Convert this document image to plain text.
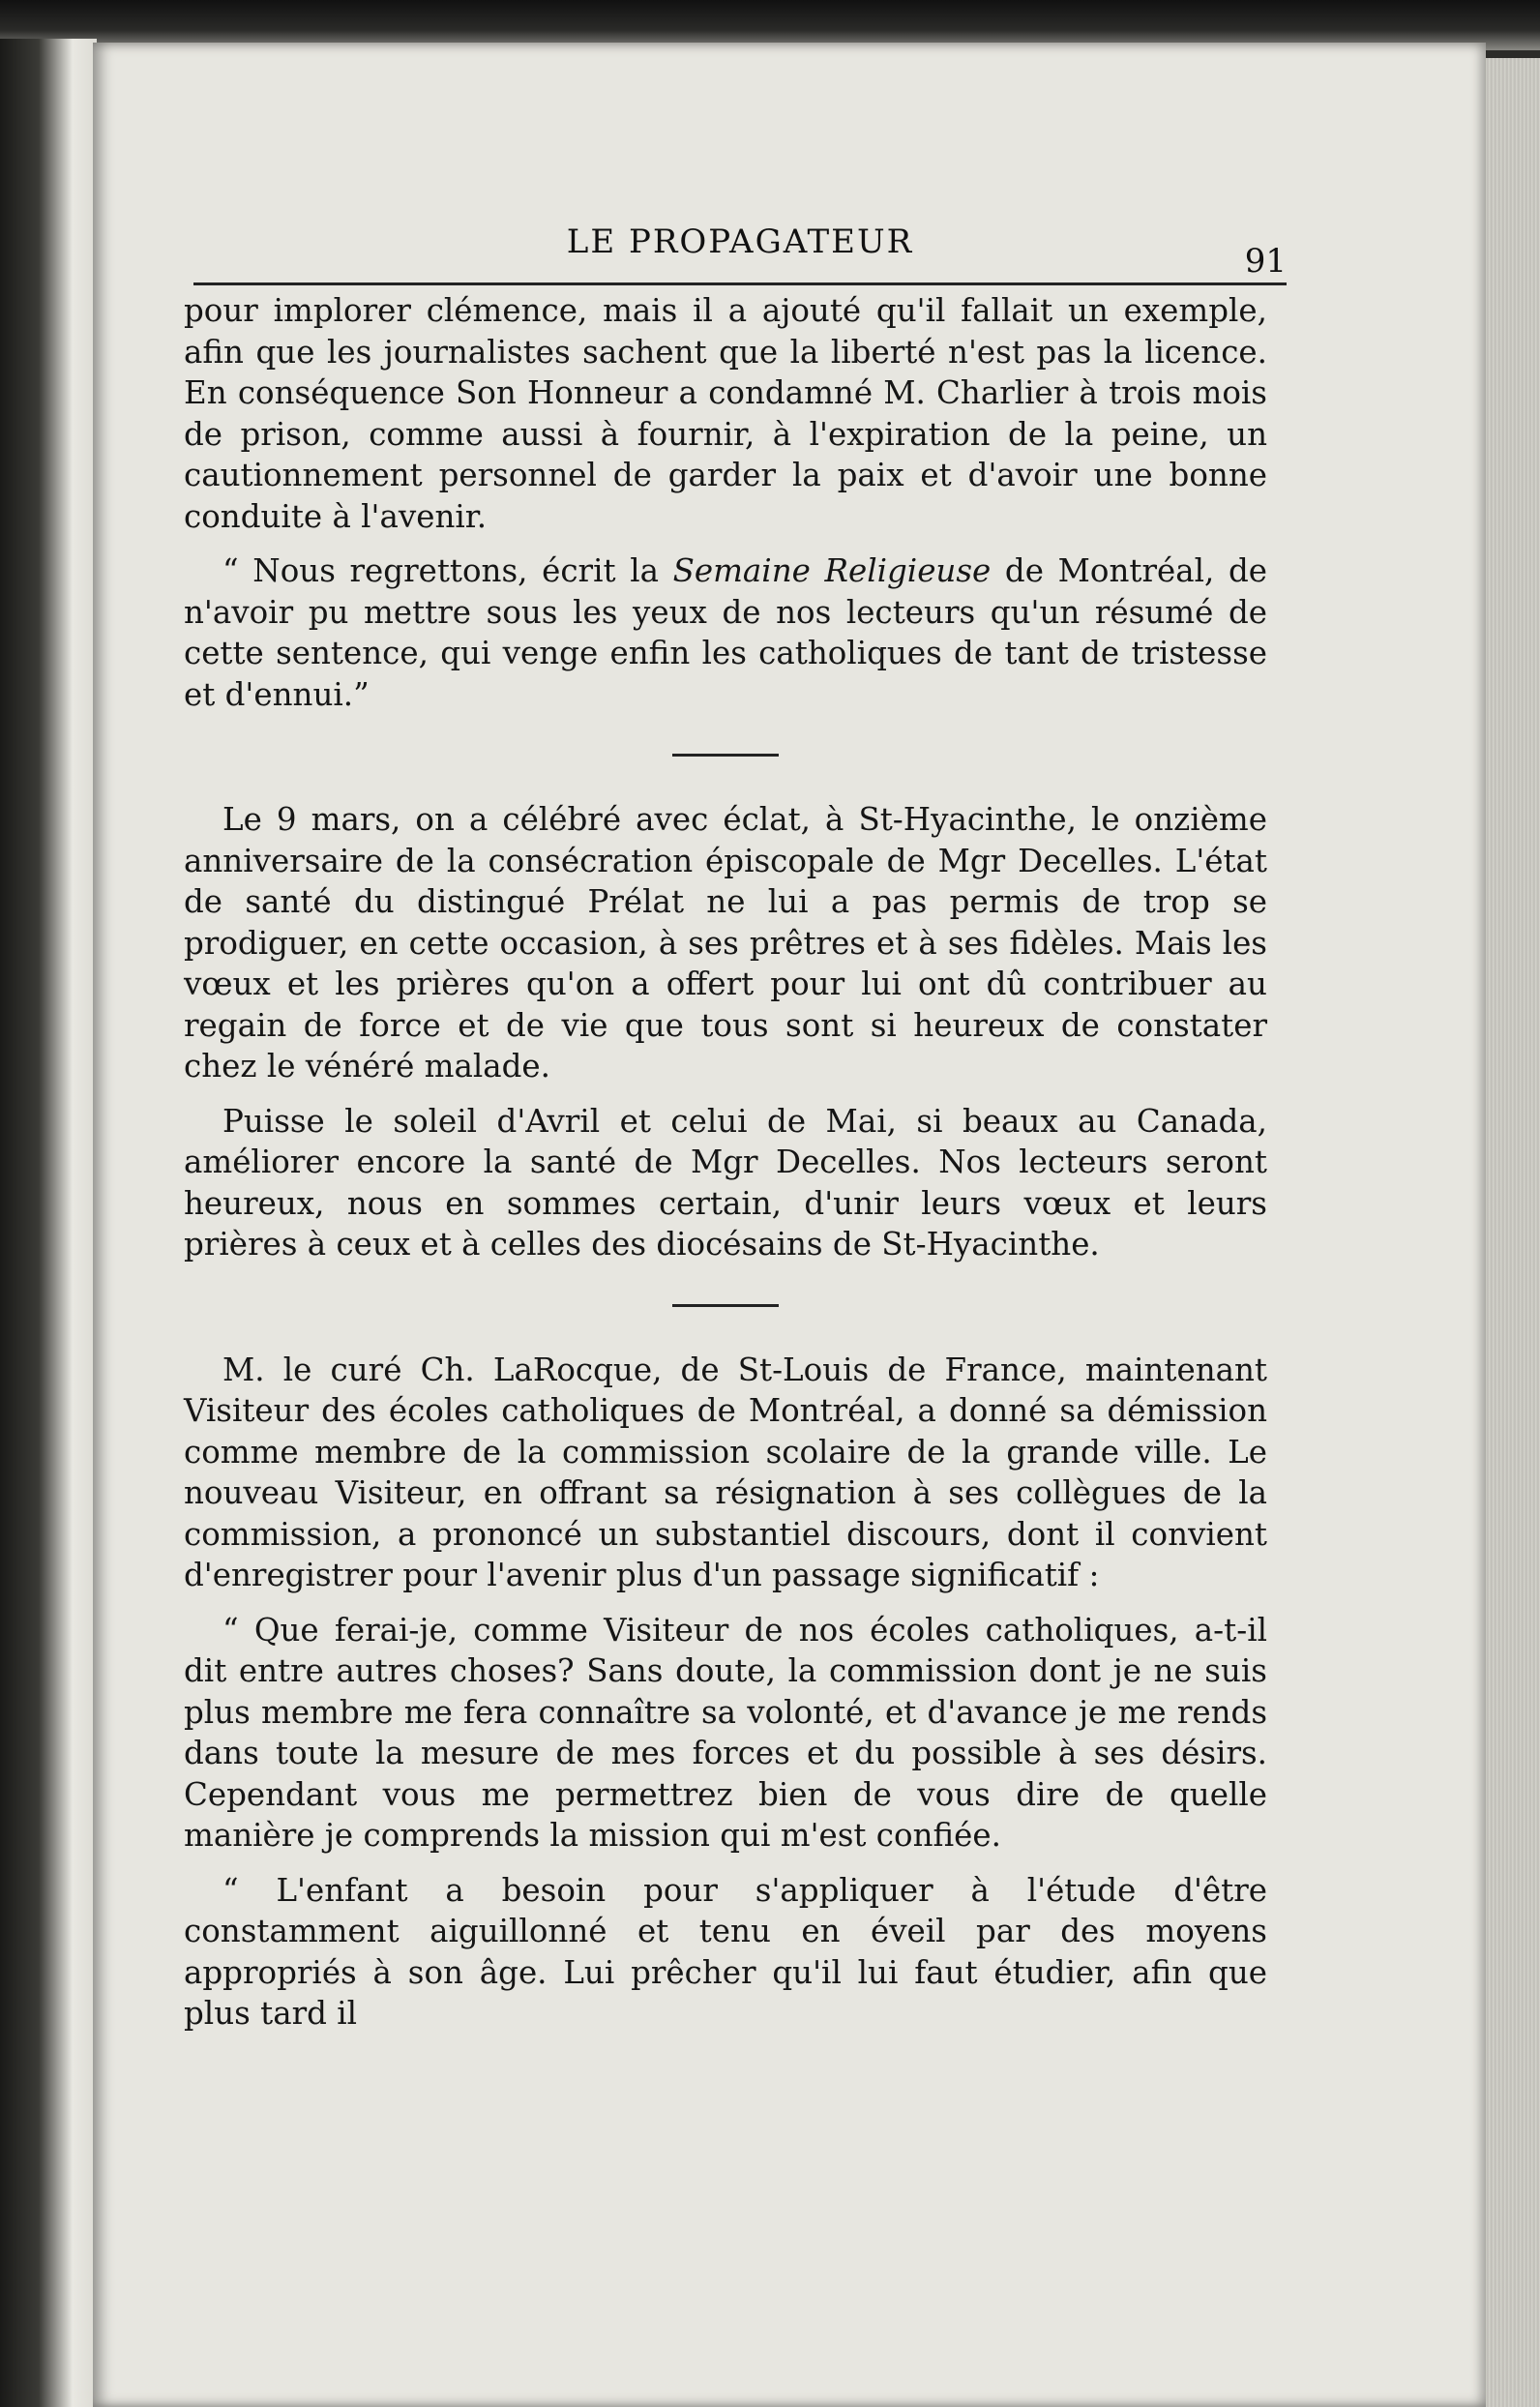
LE PROPAGATEUR	91

pour implorer clémence, mais il a ajouté qu'il fallait un exemple, afin que les journalistes sachent que la liberté n'est pas la licence. En conséquence Son Honneur a condamné M. Charlier à trois mois de prison, comme aussi à fournir, à l'expiration de la peine, un cautionnement personnel de garder la paix et d'avoir une bonne conduite à l'avenir.

“ Nous regrettons, écrit la Semaine Religieuse de Montréal, de n'avoir pu mettre sous les yeux de nos lecteurs qu'un résumé de cette sentence, qui venge enfin les catholiques de tant de tristesse et d'ennui.”

Le 9 mars, on a célébré avec éclat, à St-Hyacinthe, le onzième anniversaire de la consécration épiscopale de Mgr Decelles. L'état de santé du distingué Prélat ne lui a pas permis de trop se prodiguer, en cette occasion, à ses prêtres et à ses fidèles. Mais les vœux et les prières qu'on a offert pour lui ont dû contribuer au regain de force et de vie que tous sont si heureux de constater chez le vénéré malade.

Puisse le soleil d'Avril et celui de Mai, si beaux au Canada, améliorer encore la santé de Mgr Decelles. Nos lecteurs seront heureux, nous en sommes certain, d'unir leurs vœux et leurs prières à ceux et à celles des diocésains de St-Hyacinthe.

M. le curé Ch. LaRocque, de St-Louis de France, maintenant Visiteur des écoles catholiques de Montréal, a donné sa démission comme membre de la commission scolaire de la grande ville. Le nouveau Visiteur, en offrant sa résignation à ses collègues de la commission, a prononcé un substantiel discours, dont il convient d'enregistrer pour l'avenir plus d'un passage significatif :

“ Que ferai-je, comme Visiteur de nos écoles catholiques, a-t-il dit entre autres choses? Sans doute, la commission dont je ne suis plus membre me fera connaître sa volonté, et d'avance je me rends dans toute la mesure de mes forces et du possible à ses désirs. Cependant vous me permettrez bien de vous dire de quelle manière je comprends la mission qui m'est confiée.

“ L'enfant a besoin pour s'appliquer à l'étude d'être constamment aiguillonné et tenu en éveil par des moyens appropriés à son âge. Lui prêcher qu'il lui faut étudier, afin que plus tard il
